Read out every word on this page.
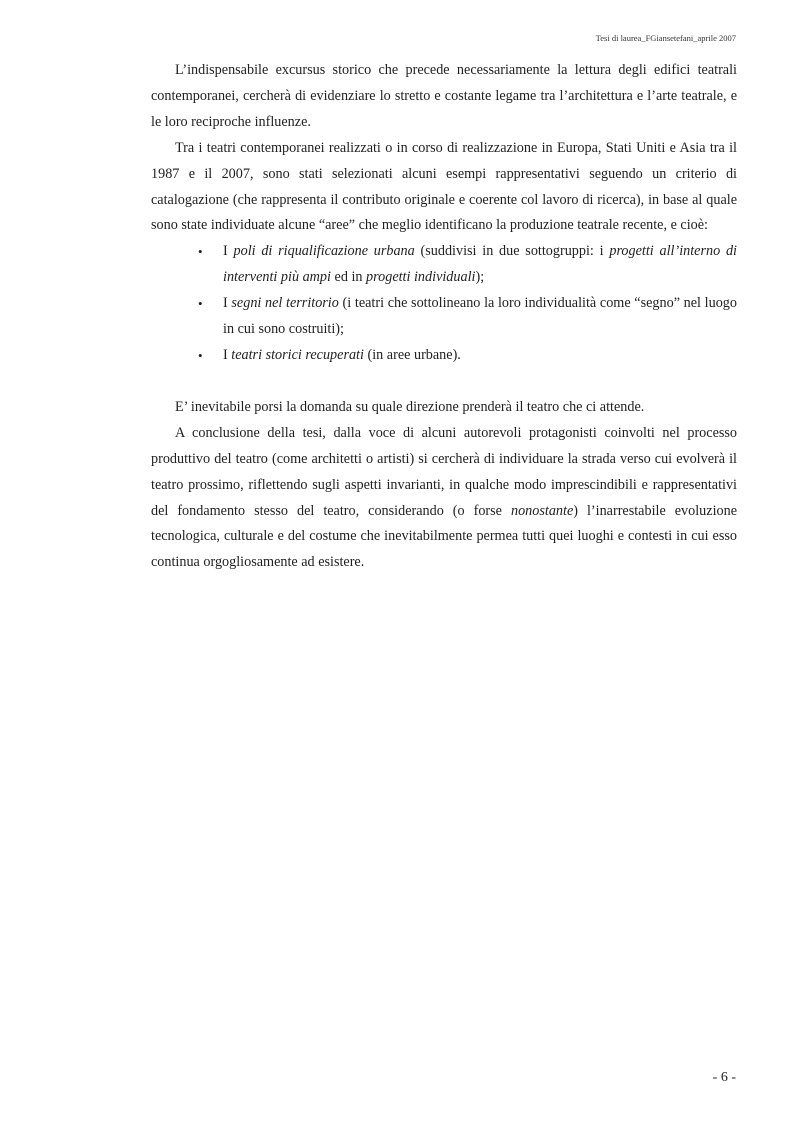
Tesi di laurea_FGiansetefani_aprile 2007

L’indispensabile excursus storico che precede necessariamente la lettura degli edifici teatrali contemporanei, cercherà di evidenziare lo stretto e costante legame tra l’architettura e l’arte teatrale, e le loro reciproche influenze.

Tra i teatri contemporanei realizzati o in corso di realizzazione in Europa, Stati Uniti e Asia tra il 1987 e il 2007, sono stati selezionati alcuni esempi rappresentativi seguendo un criterio di catalogazione (che rappresenta il contributo originale e coerente col lavoro di ricerca), in base al quale sono state individuate alcune “aree” che meglio identificano la produzione teatrale recente, e cioè:

• I poli di riqualificazione urbana (suddivisi in due sottogruppi: i progetti all’interno di interventi più ampi ed in progetti individuali);
• I segni nel territorio (i teatri che sottolineano la loro individualità come “segno” nel luogo in cui sono costruiti);
• I teatri storici recuperati (in aree urbane).

E’ inevitabile porsi la domanda su quale direzione prenderà il teatro che ci attende.

A conclusione della tesi, dalla voce di alcuni autorevoli protagonisti coinvolti nel processo produttivo del teatro (come architetti o artisti) si cercherà di individuare la strada verso cui evolverà il teatro prossimo, riflettendo sugli aspetti invarianti, in qualche modo imprescindibili e rappresentativi del fondamento stesso del teatro, considerando (o forse nonostante) l’inarrestabile evoluzione tecnologica, culturale e del costume che inevitabilmente permea tutti quei luoghi e contesti in cui esso continua orgogliosamente ad esistere.

- 6 -
